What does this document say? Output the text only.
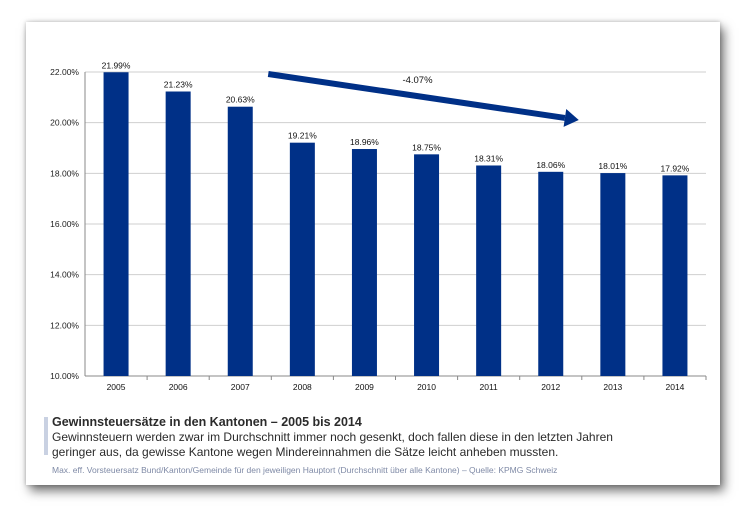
10.00%
12.00%
14.00%
16.00%
18.00%
20.00%
22.00%
21.99%
2005
21.23%
2006
20.63%
2007
19.21%
2008
18.96%
2009
18.75%
2010
18.31%
2011
18.06%
2012
18.01%
2013
17.92%
2014
-4.07%
Gewinnsteuersätze in den Kantonen – 2005 bis 2014
Gewinnsteuern werden zwar im Durchschnitt immer noch gesenkt, doch fallen diese in den letzten Jahren
geringer aus, da gewisse Kantone wegen Mindereinnahmen die Sätze leicht anheben mussten.
Max. eff. Vorsteuersatz Bund/Kanton/Gemeinde für den jeweiligen Hauptort (Durchschnitt über alle Kantone) – Quelle: KPMG Schweiz
